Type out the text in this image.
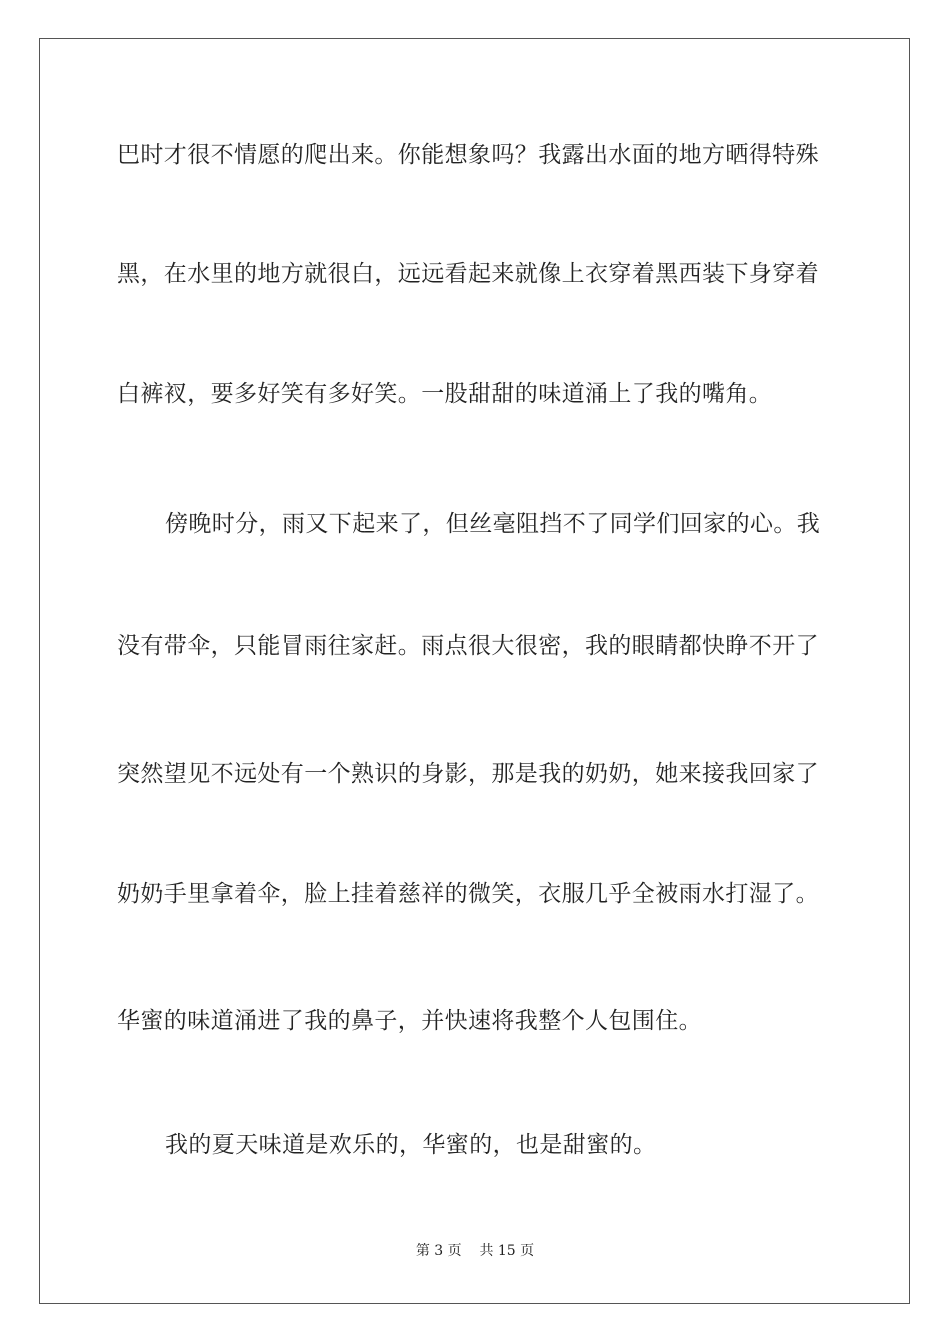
巴时才很不情愿的爬出来。你能想象吗？我露出水面的地方晒得特殊
黑，在水里的地方就很白，远远看起来就像上衣穿着黑西装下身穿着
白裤衩，要多好笑有多好笑。一股甜甜的味道涌上了我的嘴角。
傍晚时分，雨又下起来了，但丝毫阻挡不了同学们回家的心。我
没有带伞，只能冒雨往家赶。雨点很大很密，我的眼睛都快睁不开了
突然望见不远处有一个熟识的身影，那是我的奶奶，她来接我回家了
奶奶手里拿着伞，脸上挂着慈祥的微笑，衣服几乎全被雨水打湿了。
华蜜的味道涌进了我的鼻子，并快速将我整个人包围住。
我的夏天味道是欢乐的，华蜜的，也是甜蜜的。
第 3 页 共 15 页
